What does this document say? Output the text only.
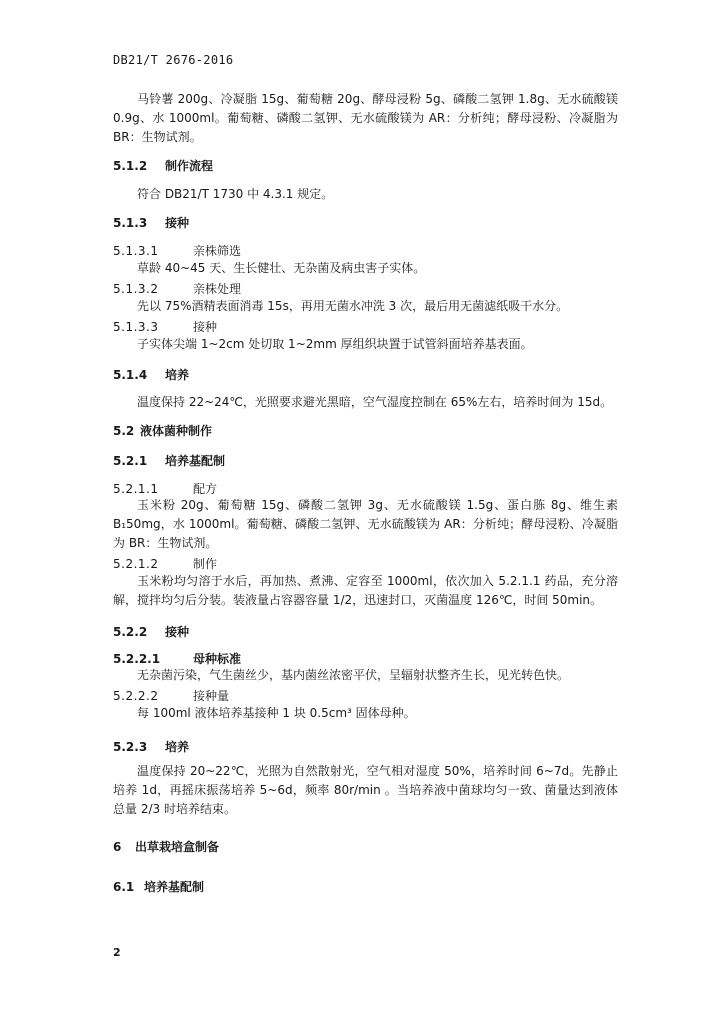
DB21/T 2676-2016

马铃薯 200g、冷凝脂 15g、葡萄糖 20g、酵母浸粉 5g、磷酸二氢钾 1.8g、无水硫酸镁 0.9g、水 1000ml。葡萄糖、磷酸二氢钾、无水硫酸镁为 AR：分析纯；酵母浸粉、冷凝脂为 BR：生物试剂。

5.1.2 制作流程

符合 DB21/T 1730 中 4.3.1 规定。

5.1.3 接种
5.1.3.1	亲株筛选

草龄 40~45 天、生长健壮、无杂菌及病虫害子实体。

5.1.3.2	亲株处理

先以 75%酒精表面消毒 15s，再用无菌水冲洗 3 次，最后用无菌滤纸吸干水分。

5.1.3.3	接种

子实体尖端 1~2cm 处切取 1~2mm 厚组织块置于试管斜面培养基表面。

5.1.4 培养

温度保持 22~24℃，光照要求避光黑暗，空气湿度控制在 65%左右，培养时间为 15d。

5.2 液体菌种制作
5.2.1 培养基配制
5.2.1.1	配方

玉米粉 20g、葡萄糖 15g、磷酸二氢钾 3g、无水硫酸镁 1.5g、蛋白胨 8g、维生素 B₁50mg，水 1000ml。葡萄糖、磷酸二氢钾、无水硫酸镁为 AR：分析纯；酵母浸粉、冷凝脂为 BR：生物试剂。

5.2.1.2	制作

玉米粉均匀溶于水后，再加热、煮沸、定容至 1000ml，依次加入 5.2.1.1 药品，充分溶解，搅拌均匀后分装。装液量占容器容量 1/2，迅速封口，灭菌温度 126℃，时间 50min。

5.2.2 接种
5.2.2.1	母种标准

无杂菌污染，气生菌丝少，基内菌丝浓密平伏，呈辐射状整齐生长，见光转色快。

5.2.2.2	接种量

每 100ml 液体培养基接种 1 块 0.5cm³ 固体母种。

5.2.3 培养

温度保持 20~22℃，光照为自然散射光，空气相对湿度 50%，培养时间 6~7d。先静止培养 1d，再摇床振荡培养 5~6d，频率 80r/min 。当培养液中菌球均匀一致、菌量达到液体总量 2/3 时培养结束。

6 出草栽培盒制备
6.1 培养基配制
2
